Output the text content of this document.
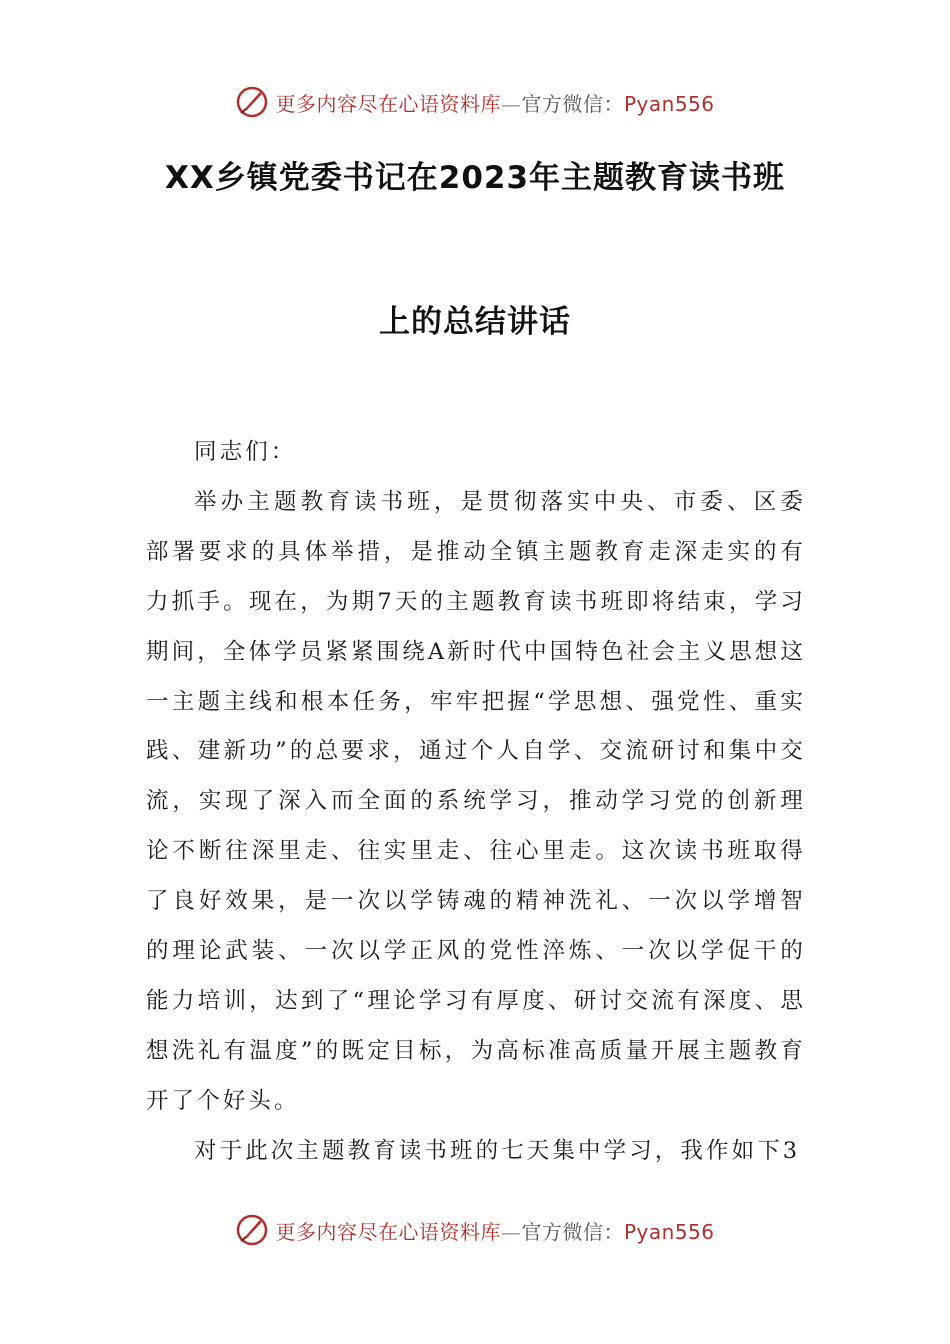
更多内容尽在心语资料库—官方微信：Pyan556
XX乡镇党委书记在2023年主题教育读书班
上的总结讲话

同志们：

举办主题教育读书班，是贯彻落实中央、市委、区委部署要求的具体举措，是推动全镇主题教育走深走实的有力抓手。现在，为期7天的主题教育读书班即将结束，学习期间，全体学员紧紧围绕A新时代中国特色社会主义思想这一主题主线和根本任务，牢牢把握“学思想、强党性、重实践、建新功”的总要求，通过个人自学、交流研讨和集中交流，实现了深入而全面的系统学习，推动学习党的创新理论不断往深里走、往实里走、往心里走。这次读书班取得了良好效果，是一次以学铸魂的精神洗礼、一次以学增智的理论武装、一次以学正风的党性淬炼、一次以学促干的能力培训，达到了“理论学习有厚度、研讨交流有深度、思想洗礼有温度”的既定目标，为高标准高质量开展主题教育开了个好头。

对于此次主题教育读书班的七天集中学习，我作如下3

更多内容尽在心语资料库—官方微信：Pyan556
